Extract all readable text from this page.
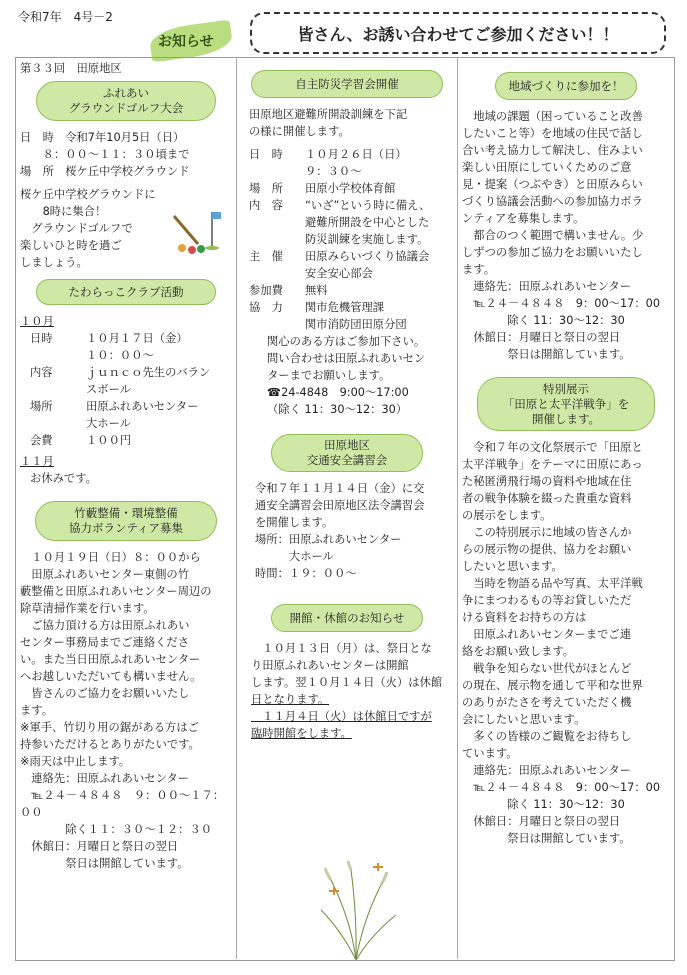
令和7年　4号－2
お知らせ	皆さん、お誘い合わせてご参加ください！！

第３３回　田原地区

ふれあい
グラウンドゴルフ大会

日　時　令和7年10月5日（日）

　　８：００～１１：３０頃まで

場　所　桜ケ丘中学校グラウンド

桜ケ丘中学校グラウンドに

　　8時に集合！

　グラウンドゴルフで

楽しいひと時を過ご

しましょう。

たわらっこクラブ活動

１０月

日時	１０月１７日（金）
１０：００～
内容	ｊｕｎｃｏ先生のバラン
スボール
場所	田原ふれあいセンター
大ホール
会費	１００円

１１月

お休みです。

竹藪整備・環境整備
協力ボランティア募集

　１０月１９日（日）８：００から

　田原ふれあいセンター東側の竹

藪整備と田原ふれあいセンター周辺の

除草清掃作業を行います。

　ご協力頂ける方は田原ふれあい

センター事務局までご連絡くださ

い。また当日田原ふれあいセンター

へお越しいただいても構いません。

　皆さんのご協力をお願いいたし

ます。

※軍手、竹切り用の鋸がある方はご

持参いただけるとありがたいです。

※雨天は中止します。

　連絡先：田原ふれあいセンター

　℡２４－４８４８　９：００～１７：００

　　　　除く１１：３０～１２：３０

　休館日：月曜日と祭日の翌日

　　　　祭日は開館しています。

自主防災学習会開催

田原地区避難所開設訓練を下記

の様に開催します。

日　時	１０月２６日（日）
９：３０～
場　所	田原小学校体育館
内　容	“いざ”という時に備え、
避難所開設を中心とした
防災訓練を実施します。
主　催	田原みらいづくり協議会
安全安心部会
参加費	無料
協　力	関市危機管理課
関市消防団田原分団

関心のある方はご参加下さい。

問い合わせは田原ふれあいセン

ターまでお願いします。

☎24-4848　9:00～17:00

（除く 11：30～12：30）

田原地区
交通安全講習会

令和７年１１月１４日（金）に交

通安全講習会田原地区法令講習会

を開催します。

場所：田原ふれあいセンター

　　　大ホール

時間：１９：００～

開館・休館のお知らせ

　１０月１３日（月）は、祭日とな

り田原ふれあいセンターは開館

します。翌１０月１４日（火）は休館

日となります。

　１１月４日（火）は休館日ですが

臨時開館をします。

地域づくりに参加を！

　地域の課題（困っていること改善

したいこと等）を地域の住民で話し

合い考え協力して解決し、住みよい

楽しい田原にしていくためのご意

見・提案（つぶやき）と田原みらい

づくり協議会活動への参加協力ボラ

ンティアを募集します。

　都合のつく範囲で構いません。少

しずつの参加ご協力をお願いいたし

ます。

　連絡先：田原ふれあいセンター

　℡２４－４８４８　9：00～17：00

　　　　除く 11：30～12：30

　休館日：月曜日と祭日の翌日

　　　　祭日は開館しています。

特別展示
「田原と太平洋戦争」を
開催します。

　令和７年の文化祭展示で「田原と

太平洋戦争」をテーマに田原にあっ

た秘匿湧飛行場の資料や地域在住

者の戦争体験を綴った貴重な資料

の展示をします。

　この特別展示に地域の皆さんか

らの展示物の提供、協力をお願い

したいと思います。

　当時を物語る品や写真、太平洋戦

争にまつわるもの等お貸しいただ

ける資料をお持ちの方は

　田原ふれあいセンターまでご連

絡をお願い致します。

　戦争を知らない世代がほとんど

の現在、展示物を通して平和な世界

のありがたさを考えていただく機

会にしたいと思います。

　多くの皆様のご観覧をお待ちし

ています。

　連絡先：田原ふれあいセンター

　℡２４－４８４８　9：00～17：00

　　　　除く 11：30～12：30

　休館日：月曜日と祭日の翌日

　　　　祭日は開館しています。
